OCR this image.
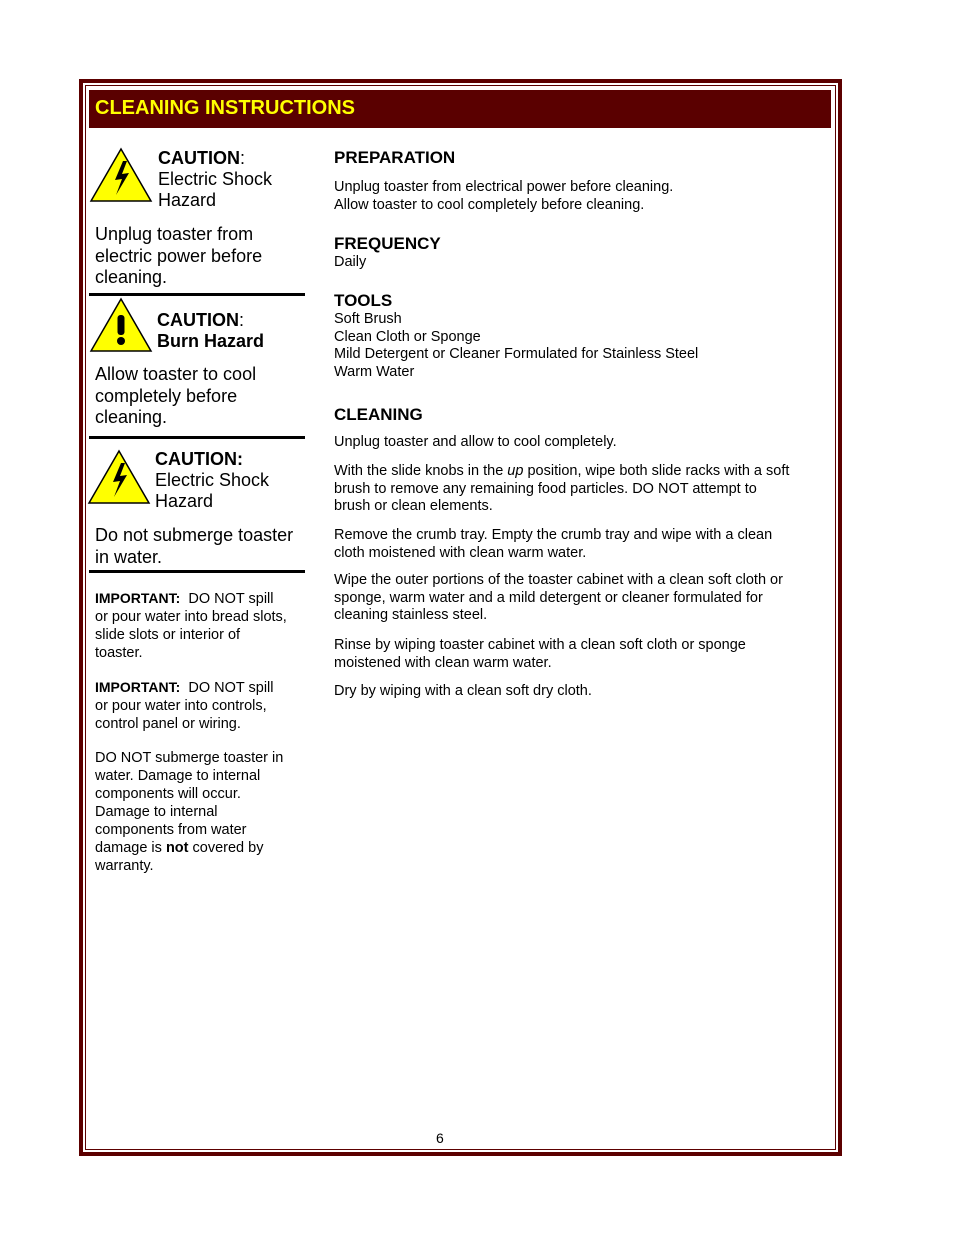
CLEANING INSTRUCTIONS
CAUTION:
Electric Shock
Hazard
Unplug toaster from
electric power before
cleaning.
CAUTION:
Burn Hazard
Allow toaster to cool
completely before
cleaning.
CAUTION:
Electric Shock
Hazard
Do not submerge toaster
in water.
IMPORTANT: DO NOT spill
or pour water into bread slots,
slide slots or interior of
toaster.
IMPORTANT: DO NOT spill
or pour water into controls,
control panel or wiring.
DO NOT submerge toaster in
water. Damage to internal
components will occur.
Damage to internal
components from water
damage is not covered by
warranty.
PREPARATION
Unplug toaster from electrical power before cleaning.
Allow toaster to cool completely before cleaning.
FREQUENCY
Daily
TOOLS
Soft Brush
Clean Cloth or Sponge
Mild Detergent or Cleaner Formulated for Stainless Steel
Warm Water
CLEANING
Unplug toaster and allow to cool completely.
With the slide knobs in the up position, wipe both slide racks with a soft
brush to remove any remaining food particles. DO NOT attempt to
brush or clean elements.
Remove the crumb tray. Empty the crumb tray and wipe with a clean
cloth moistened with clean warm water.
Wipe the outer portions of the toaster cabinet with a clean soft cloth or
sponge, warm water and a mild detergent or cleaner formulated for
cleaning stainless steel.
Rinse by wiping toaster cabinet with a clean soft cloth or sponge
moistened with clean warm water.
Dry by wiping with a clean soft dry cloth.
6
